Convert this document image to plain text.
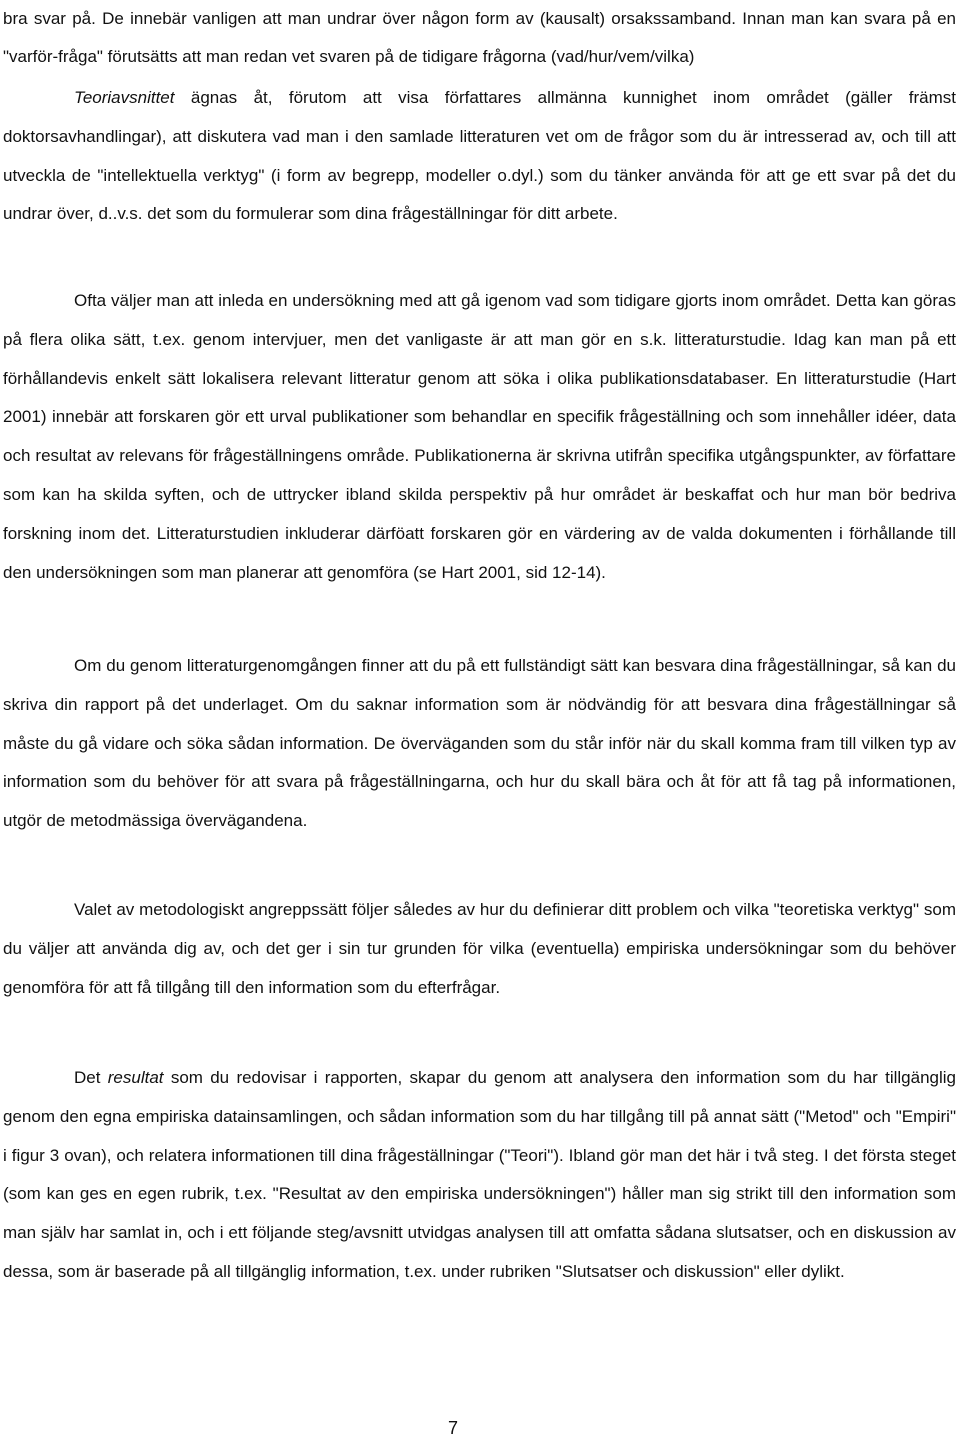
bra svar på. De innebär vanligen att man undrar över någon form av (kausalt) orsakssamband. Innan man kan svara på en "varför-fråga" förutsätts att man redan vet svaren på de tidigare frågorna (vad/hur/vem/vilka)

Teoriavsnittet ägnas åt, förutom att visa författares allmänna kunnighet inom området (gäller främst doktorsavhandlingar), att diskutera vad man i den samlade litteraturen vet om de frågor som du är intresserad av, och till att utveckla de "intellektuella verktyg" (i form av begrepp, modeller o.dyl.) som du tänker använda för att ge ett svar på det du undrar över, d..v.s. det som du formulerar som dina frågeställningar för ditt arbete.

Ofta väljer man att inleda en undersökning med att gå igenom vad som tidigare gjorts inom området. Detta kan göras på flera olika sätt, t.ex. genom intervjuer, men det vanligaste är att man gör en s.k. litteraturstudie. Idag kan man på ett förhållandevis enkelt sätt lokalisera relevant litteratur genom att söka i olika publikationsdatabaser. En litteraturstudie (Hart 2001) innebär att forskaren gör ett urval publikationer som behandlar en specifik frågeställning och som innehåller idéer, data och resultat av relevans för frågeställningens område. Publikationerna är skrivna utifrån specifika utgångspunkter, av författare som kan ha skilda syften, och de uttrycker ibland skilda perspektiv på hur området är beskaffat och hur man bör bedriva forskning inom det. Litteraturstudien inkluderar därföatt forskaren gör en värdering av de valda dokumenten i förhållande till den undersökningen som man planerar att genomföra (se Hart 2001, sid 12-14).

Om du genom litteraturgenomgången finner att du på ett fullständigt sätt kan besvara dina frågeställningar, så kan du skriva din rapport på det underlaget. Om du saknar information som är nödvändig för att besvara dina frågeställningar så måste du gå vidare och söka sådan information. De överväganden som du står inför när du skall komma fram till vilken typ av information som du behöver för att svara på frågeställningarna, och hur du skall bära och åt för att få tag på informationen, utgör de metodmässiga övervägandena.

Valet av metodologiskt angreppssätt följer således av hur du definierar ditt problem och vilka "teoretiska verktyg" som du väljer att använda dig av, och det ger i sin tur grunden för vilka (eventuella) empiriska undersökningar som du behöver genomföra för att få tillgång till den information som du efterfrågar.

Det resultat som du redovisar i rapporten, skapar du genom att analysera den information som du har tillgänglig genom den egna empiriska datainsamlingen, och sådan information som du har tillgång till på annat sätt ("Metod" och "Empiri" i figur 3 ovan), och relatera informationen till dina frågeställningar ("Teori"). Ibland gör man det här i två steg. I det första steget (som kan ges en egen rubrik, t.ex. "Resultat av den empiriska undersökningen") håller man sig strikt till den information som man själv har samlat in, och i ett följande steg/avsnitt utvidgas analysen till att omfatta sådana slutsatser, och en diskussion av dessa, som är baserade på all tillgänglig information, t.ex. under rubriken "Slutsatser och diskussion" eller dylikt.

7
